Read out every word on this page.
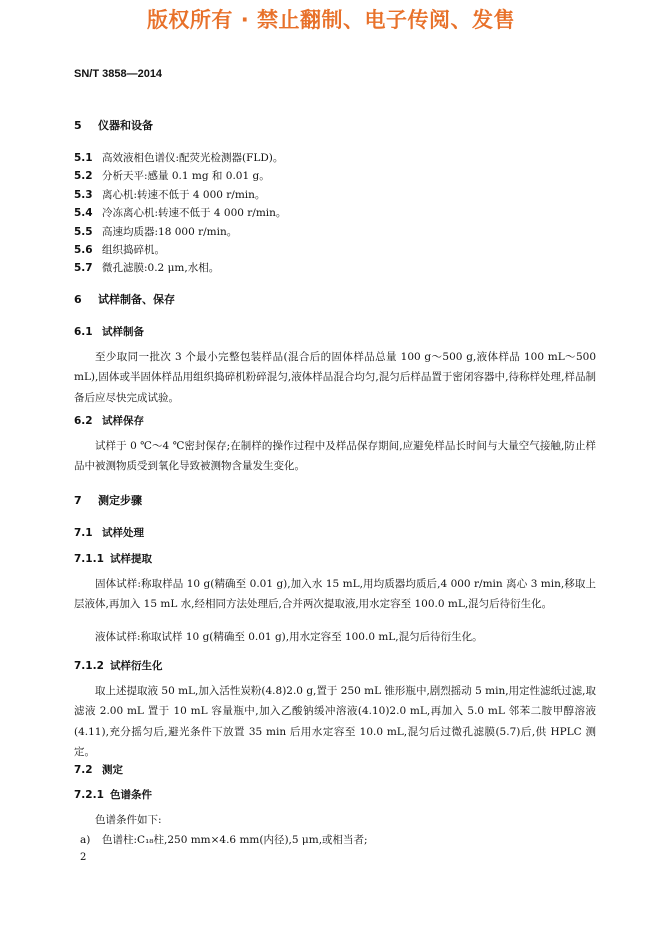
版权所有 · 禁止翻制、电子传阅、发售
SN/T 3858—2014
5 仪器和设备
5.1 高效液相色谱仪:配荧光检测器(FLD)。
5.2 分析天平:感量 0.1 mg 和 0.01 g。
5.3 离心机:转速不低于 4 000 r/min。
5.4 冷冻离心机:转速不低于 4 000 r/min。
5.5 高速均质器:18 000 r/min。
5.6 组织捣碎机。
5.7 微孔滤膜:0.2 μm,水相。
6 试样制备、保存
6.1 试样制备
至少取同一批次 3 个最小完整包装样品(混合后的固体样品总量 100 g～500 g,液体样品 100 mL～500 mL),固体或半固体样品用组织捣碎机粉碎混匀,液体样品混合均匀,混匀后样品置于密闭容器中,待称样处理,样品制备后应尽快完成试验。
6.2 试样保存
试样于 0 ℃～4 ℃密封保存;在制样的操作过程中及样品保存期间,应避免样品长时间与大量空气接触,防止样品中被测物质受到氧化导致被测物含量发生变化。
7 测定步骤
7.1 试样处理
7.1.1 试样提取
固体试样:称取样品 10 g(精确至 0.01 g),加入水 15 mL,用均质器均质后,4 000 r/min 离心 3 min,移取上层液体,再加入 15 mL 水,经相同方法处理后,合并两次提取液,用水定容至 100.0 mL,混匀后待衍生化。
液体试样:称取试样 10 g(精确至 0.01 g),用水定容至 100.0 mL,混匀后待衍生化。
7.1.2 试样衍生化
取上述提取液 50 mL,加入活性炭粉(4.8)2.0 g,置于 250 mL 锥形瓶中,剧烈摇动 5 min,用定性滤纸过滤,取滤液 2.00 mL 置于 10 mL 容量瓶中,加入乙酸钠缓冲溶液(4.10)2.0 mL,再加入 5.0 mL 邻苯二胺甲醇溶液(4.11),充分摇匀后,避光条件下放置 35 min 后用水定容至 10.0 mL,混匀后过微孔滤膜(5.7)后,供 HPLC 测定。
7.2 测定
7.2.1 色谱条件
色谱条件如下:
a) 色谱柱:C₁₈柱,250 mm×4.6 mm(内径),5 μm,或相当者;
2
